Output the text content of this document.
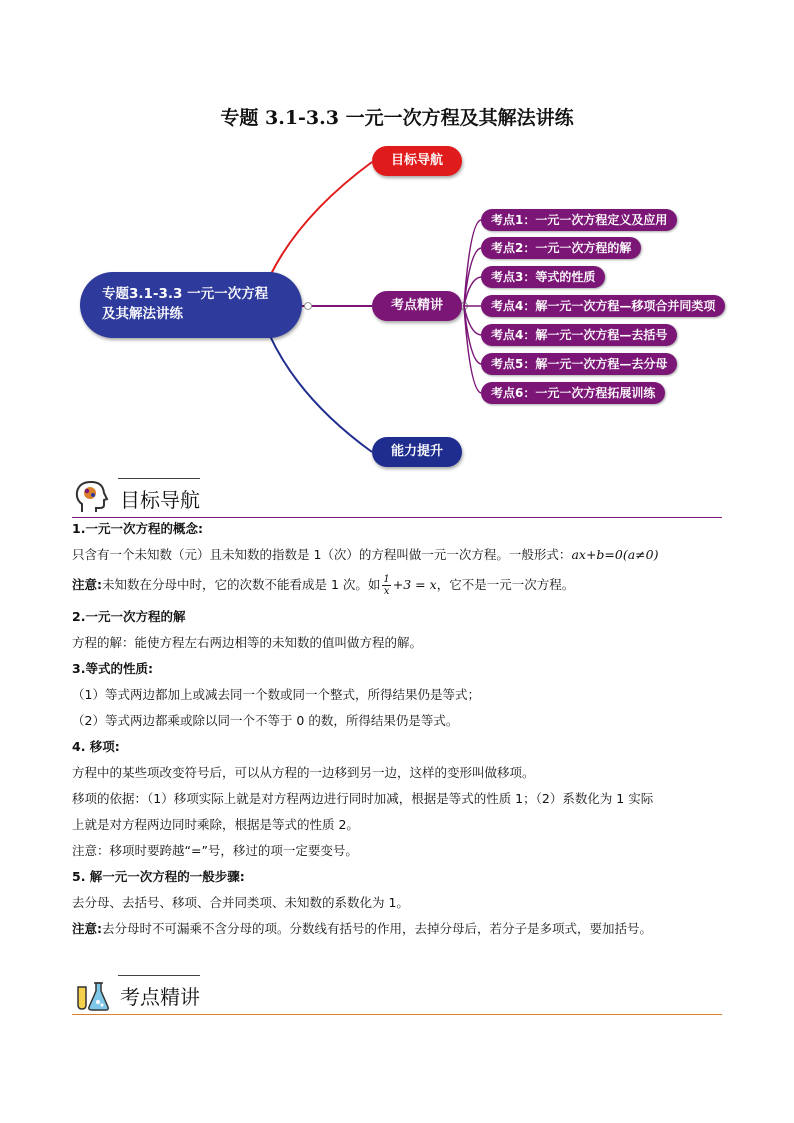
专题 3.1-3.3 一元一次方程及其解法讲练
专题3.1-3.3 一元一次方程及其解法讲练
目标导航
考点精讲
能力提升
考点1：一元一次方程定义及应用
考点2：一元一次方程的解
考点3：等式的性质
考点4：解一元一次方程—移项合并同类项
考点4：解一元一次方程—去括号
考点5：解一元一次方程—去分母
考点6：一元一次方程拓展训练
目标导航
1.一元一次方程的概念:
只含有一个未知数（元）且未知数的指数是 1（次）的方程叫做一元一次方程。一般形式：ax+b=0(a≠0)
注意:未知数在分母中时，它的次数不能看成是 1 次。如 $\frac{1}{x} +3 = x$，它不是一元一次方程。
2.一元一次方程的解
方程的解：能使方程左右两边相等的未知数的值叫做方程的解。
3.等式的性质:
（1）等式两边都加上或减去同一个数或同一个整式，所得结果仍是等式；
（2）等式两边都乘或除以同一个不等于 0 的数，所得结果仍是等式。
4. 移项:
方程中的某些项改变符号后，可以从方程的一边移到另一边，这样的变形叫做移项。
移项的依据：（1）移项实际上就是对方程两边进行同时加减，根据是等式的性质 1；（2）系数化为 1 实际
上就是对方程两边同时乘除，根据是等式的性质 2。
注意：移项时要跨越“=”号，移过的项一定要变号。
5. 解一元一次方程的一般步骤:
去分母、去括号、移项、合并同类项、未知数的系数化为 1。
注意:去分母时不可漏乘不含分母的项。分数线有括号的作用，去掉分母后，若分子是多项式，要加括号。
考点精讲
